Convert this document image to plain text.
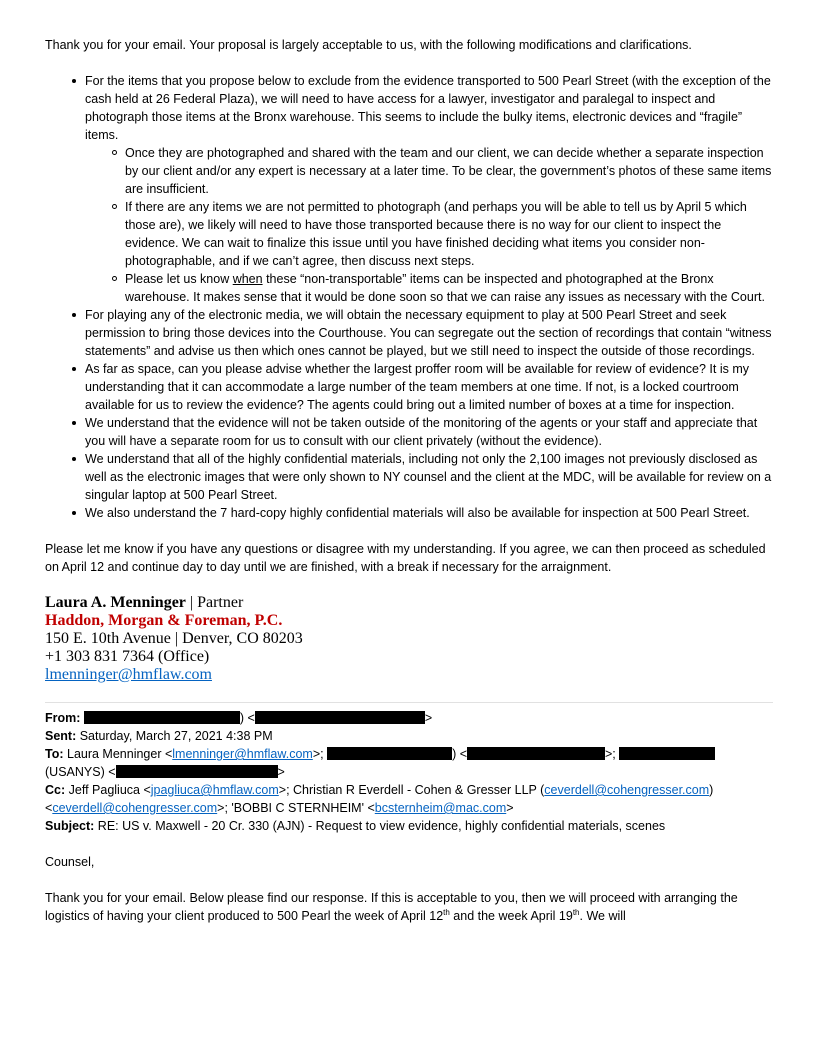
Thank you for your email. Your proposal is largely acceptable to us, with the following modifications and clarifications.

For the items that you propose below to exclude from the evidence transported to 500 Pearl Street (with the exception of the cash held at 26 Federal Plaza), we will need to have access for a lawyer, investigator and paralegal to inspect and photograph those items at the Bronx warehouse. This seems to include the bulky items, electronic devices and “fragile” items.
Once they are photographed and shared with the team and our client, we can decide whether a separate inspection by our client and/or any expert is necessary at a later time. To be clear, the government’s photos of these same items are insufficient.
If there are any items we are not permitted to photograph (and perhaps you will be able to tell us by April 5 which those are), we likely will need to have those transported because there is no way for our client to inspect the evidence. We can wait to finalize this issue until you have finished deciding what items you consider non-photographable, and if we can’t agree, then discuss next steps.
Please let us know when these “non-transportable” items can be inspected and photographed at the Bronx warehouse. It makes sense that it would be done soon so that we can raise any issues as necessary with the Court.
For playing any of the electronic media, we will obtain the necessary equipment to play at 500 Pearl Street and seek permission to bring those devices into the Courthouse. You can segregate out the section of recordings that contain “witness statements” and advise us then which ones cannot be played, but we still need to inspect the outside of those recordings.
As far as space, can you please advise whether the largest proffer room will be available for review of evidence? It is my understanding that it can accommodate a large number of the team members at one time. If not, is a locked courtroom available for us to review the evidence? The agents could bring out a limited number of boxes at a time for inspection.
We understand that the evidence will not be taken outside of the monitoring of the agents or your staff and appreciate that you will have a separate room for us to consult with our client privately (without the evidence).
We understand that all of the highly confidential materials, including not only the 2,100 images not previously disclosed as well as the electronic images that were only shown to NY counsel and the client at the MDC, will be available for review on a singular laptop at 500 Pearl Street.
We also understand the 7 hard-copy highly confidential materials will also be available for inspection at 500 Pearl Street.

Please let me know if you have any questions or disagree with my understanding. If you agree, we can then proceed as scheduled on April 12 and continue day to day until we are finished, with a break if necessary for the arraignment.

Laura A. Menninger | Partner
Haddon, Morgan & Foreman, P.C.
150 E. 10th Avenue | Denver, CO 80203
+1 303 831 7364 (Office)
lmenninger@hmflaw.com
From:	) <	>
Sent: Saturday, March 27, 2021 4:38 PM
To: Laura Menninger <lmenninger@hmflaw.com>;	) <	>;
(USANYS) <	>
Cc: Jeff Pagliuca <jpagliuca@hmflaw.com>; Christian R Everdell - Cohen & Gresser LLP (ceverdell@cohengresser.com)
<ceverdell@cohengresser.com>; 'BOBBI C STERNHEIM' <bcsternheim@mac.com>
Subject: RE: US v. Maxwell - 20 Cr. 330 (AJN) - Request to view evidence, highly confidential materials, scenes

Counsel,

Thank you for your email. Below please find our response. If this is acceptable to you, then we will proceed with arranging the logistics of having your client produced to 500 Pearl the week of April 12th and the week April 19th. We will
